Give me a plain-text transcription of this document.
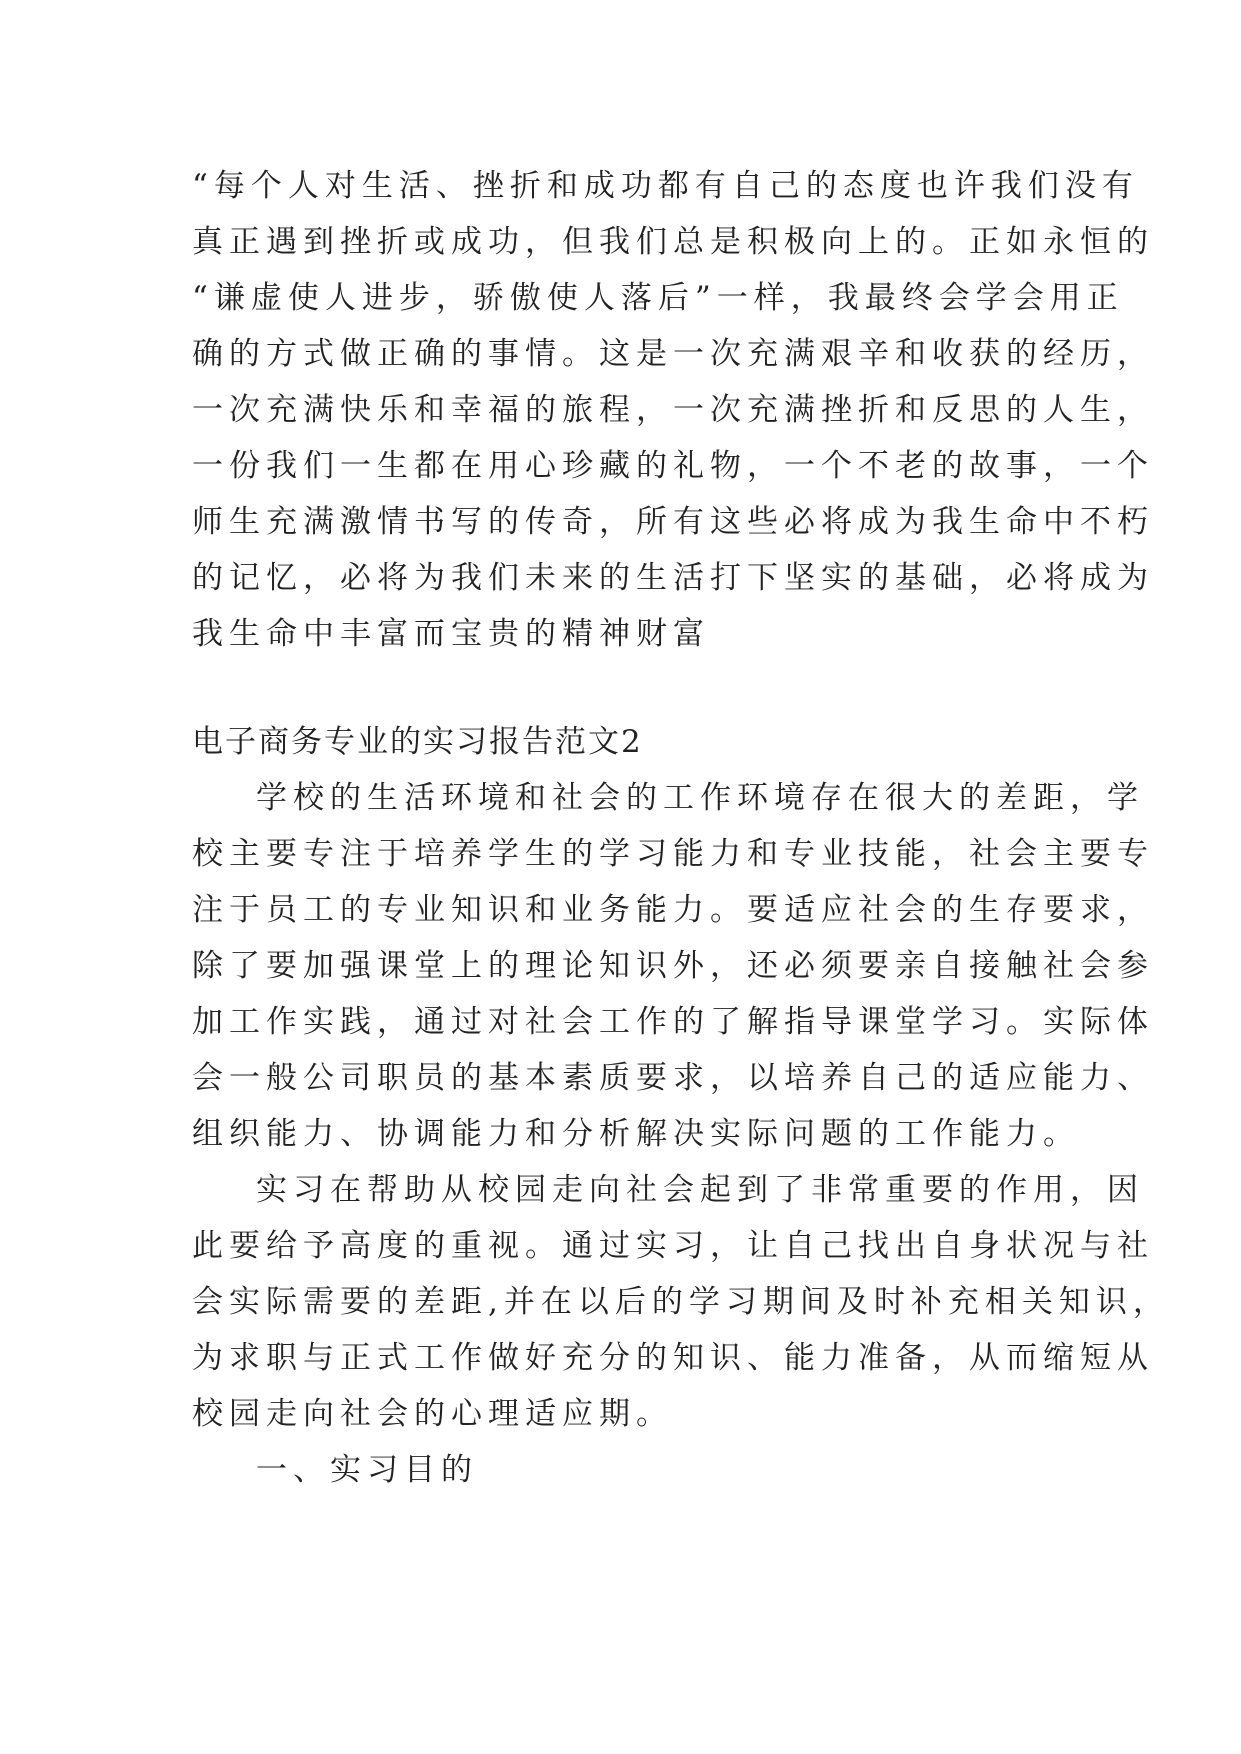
“每个人对生活、挫折和成功都有自己的态度也许我们没有
真正遇到挫折或成功，但我们总是积极向上的。正如永恒的
“谦虚使人进步，骄傲使人落后”一样，我最终会学会用正
确的方式做正确的事情。这是一次充满艰辛和收获的经历，
一次充满快乐和幸福的旅程，一次充满挫折和反思的人生，
一份我们一生都在用心珍藏的礼物，一个不老的故事，一个
师生充满激情书写的传奇，所有这些必将成为我生命中不朽
的记忆，必将为我们未来的生活打下坚实的基础，必将成为
我生命中丰富而宝贵的精神财富
电子商务专业的实习报告范文2
学校的生活环境和社会的工作环境存在很大的差距，学
校主要专注于培养学生的学习能力和专业技能，社会主要专
注于员工的专业知识和业务能力。要适应社会的生存要求，
除了要加强课堂上的理论知识外，还必须要亲自接触社会参
加工作实践，通过对社会工作的了解指导课堂学习。实际体
会一般公司职员的基本素质要求，以培养自己的适应能力、
组织能力、协调能力和分析解决实际问题的工作能力。
实习在帮助从校园走向社会起到了非常重要的作用，因
此要给予高度的重视。通过实习，让自己找出自身状况与社
会实际需要的差距,并在以后的学习期间及时补充相关知识，
为求职与正式工作做好充分的知识、能力准备，从而缩短从
校园走向社会的心理适应期。
一、实习目的
